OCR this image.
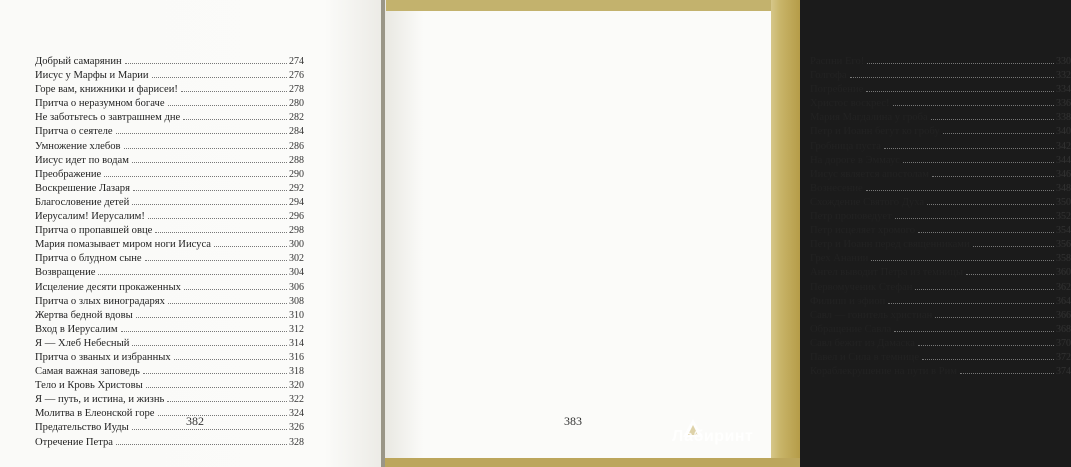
Добрый самарянин	274
Иисус у Марфы и Марии	276
Горе вам, книжники и фарисеи!	278
Притча о неразумном богаче	280
Не заботьтесь о завтрашнем дне	282
Притча о сеятеле	284
Умножение хлебов	286
Иисус идет по водам	288
Преображение	290
Воскрешение Лазаря	292
Благословение детей	294
Иерусалим! Иерусалим!	296
Притча о пропавшей овце	298
Мария помазывает миром ноги Иисуса	300
Притча о блудном сыне	302
Возвращение	304
Исцеление десяти прокаженных	306
Притча о злых виноградарях	308
Жертва бедной вдовы	310
Вход в Иерусалим	312
Я — Хлеб Небесный	314
Притча о званых и избранных	316
Самая важная заповедь	318
Тело и Кровь Христовы	320
Я — путь, и истина, и жизнь	322
Молитва в Елеонской горе	324
Предательство Иуды	326
Отречение Петра	328
382
Распни Его!	330
Голгофа	332
Погребение	334
Христос воскрес!	336
Мария Магдалина у гроба	338
Петр и Иоанн бегут ко гробу	340
Гробница пуста	342
На дороге в Эммаус	344
Иисус является апостолам	346
Вознесение	348
Схождение Святого Духа	350
Петр проповедует	352
Петр исцеляет хромого	354
Петр и Иоанн перед священниками	356
Грех Анании	358
Ангел выводит Петра из темницы	360
Первомученик Стефан	362
Филипп и эфиоп	364
Савл — гонитель христиан	366
Обращение Савла	368
Савл бежит из Дамаска	370
Павел и Сила в темнице	372
Кораблекрушение на пути в Рим	374
383
Лабиринт
